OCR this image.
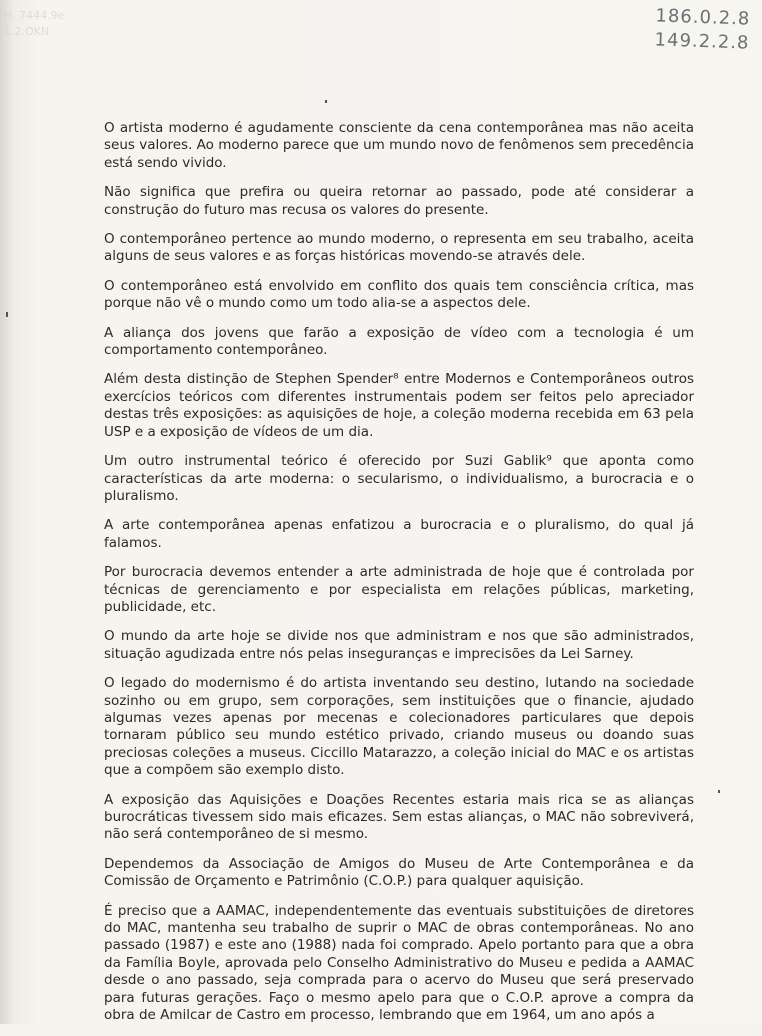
H. 7444.9e
1.2.OKN
186.0.2.8
149.2.2.8

O artista moderno é agudamente consciente da cena contemporânea mas não aceita seus valores. Ao moderno parece que um mundo novo de fenômenos sem precedência está sendo vivido.

Não significa que prefira ou queira retornar ao passado, pode até considerar a construção do futuro mas recusa os valores do presente.

O contemporâneo pertence ao mundo moderno, o representa em seu trabalho, aceita alguns de seus valores e as forças históricas movendo-se através dele.

O contemporâneo está envolvido em conflito dos quais tem consciência crítica, mas porque não vê o mundo como um todo alia-se a aspectos dele.

A aliança dos jovens que farão a exposição de vídeo com a tecnologia é um comportamento contemporâneo.

Além desta distinção de Stephen Spender⁸ entre Modernos e Contemporâneos outros exercícios teóricos com diferentes instrumentais podem ser feitos pelo apreciador destas três exposições: as aquisições de hoje, a coleção moderna recebida em 63 pela USP e a exposição de vídeos de um dia.

Um outro instrumental teórico é oferecido por Suzi Gablik⁹ que aponta como características da arte moderna: o secularismo, o individualismo, a burocracia e o pluralismo.

A arte contemporânea apenas enfatizou a burocracia e o pluralismo, do qual já falamos.

Por burocracia devemos entender a arte administrada de hoje que é controlada por técnicas de gerenciamento e por especialista em relações públicas, marketing, publicidade, etc.

O mundo da arte hoje se divide nos que administram e nos que são administrados, situação agudizada entre nós pelas inseguranças e imprecisões da Lei Sarney.

O legado do modernismo é do artista inventando seu destino, lutando na sociedade sozinho ou em grupo, sem corporações, sem instituições que o financie, ajudado algumas vezes apenas por mecenas e colecionadores particulares que depois tornaram público seu mundo estético privado, criando museus ou doando suas preciosas coleções a museus. Ciccillo Matarazzo, a coleção inicial do MAC e os artistas que a compõem são exemplo disto.

A exposição das Aquisições e Doações Recentes estaria mais rica se as alianças burocráticas tivessem sido mais eficazes. Sem estas alianças, o MAC não sobreviverá, não será contemporâneo de si mesmo.

Dependemos da Associação de Amigos do Museu de Arte Contemporânea e da Comissão de Orçamento e Patrimônio (C.O.P.) para qualquer aquisição.

É preciso que a AAMAC, independentemente das eventuais substituições de diretores do MAC, mantenha seu trabalho de suprir o MAC de obras contemporâneas. No ano passado (1987) e este ano (1988) nada foi comprado. Apelo portanto para que a obra da Família Boyle, aprovada pelo Conselho Administrativo do Museu e pedida a AAMAC desde o ano passado, seja comprada para o acervo do Museu que será preservado para futuras gerações. Faço o mesmo apelo para que o C.O.P. aprove a compra da obra de Amilcar de Castro em processo, lembrando que em 1964, um ano após a
